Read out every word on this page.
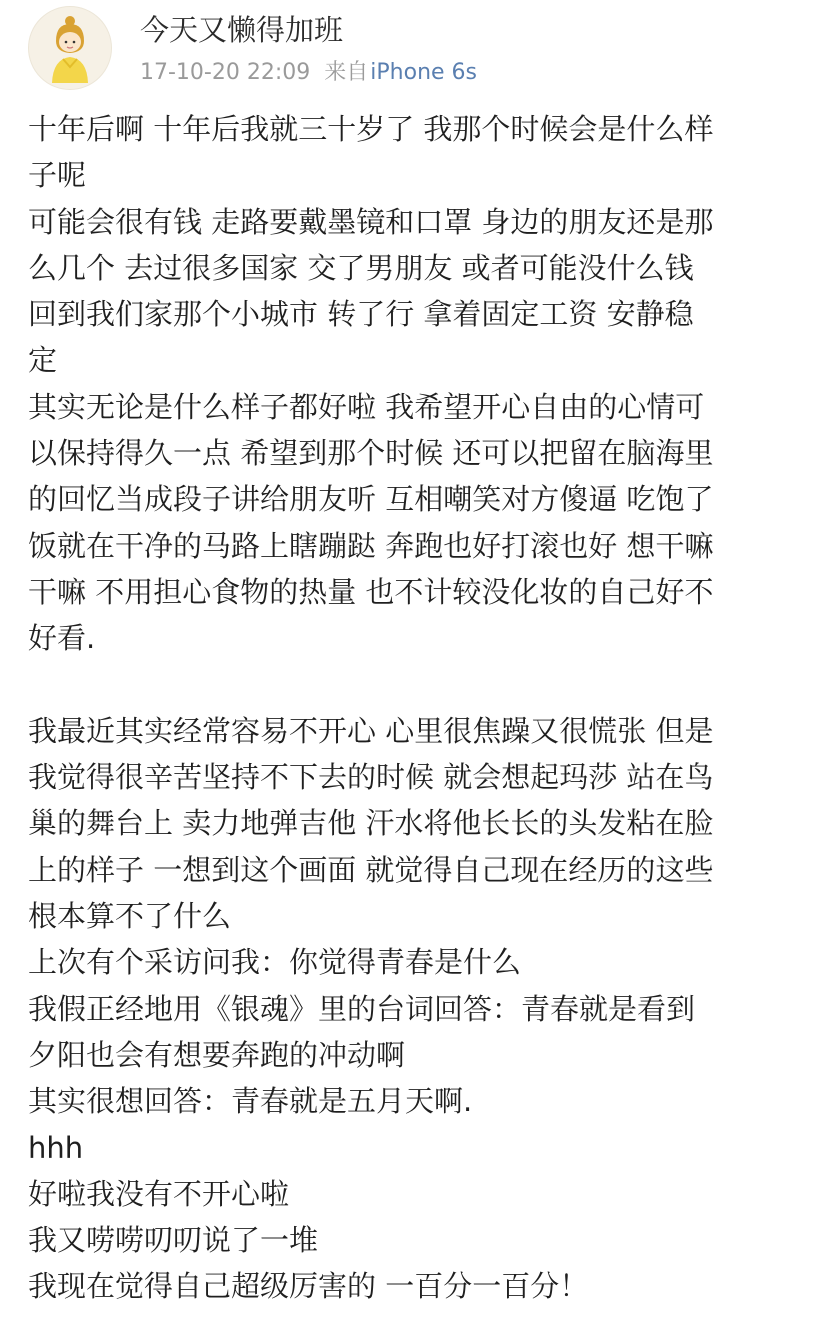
今天又懒得加班
17-10-20 22:09 来自iPhone 6s
十年后啊 十年后我就三十岁了 我那个时候会是什么样
子呢
可能会很有钱 走路要戴墨镜和口罩 身边的朋友还是那
么几个 去过很多国家 交了男朋友 或者可能没什么钱
回到我们家那个小城市 转了行 拿着固定工资 安静稳
定
其实无论是什么样子都好啦 我希望开心自由的心情可
以保持得久一点 希望到那个时候 还可以把留在脑海里
的回忆当成段子讲给朋友听 互相嘲笑对方傻逼 吃饱了
饭就在干净的马路上瞎蹦跶 奔跑也好打滚也好 想干嘛
干嘛 不用担心食物的热量 也不计较没化妆的自己好不
好看.
我最近其实经常容易不开心 心里很焦躁又很慌张 但是
我觉得很辛苦坚持不下去的时候 就会想起玛莎 站在鸟
巢的舞台上 卖力地弹吉他 汗水将他长长的头发粘在脸
上的样子 一想到这个画面 就觉得自己现在经历的这些
根本算不了什么
上次有个采访问我：你觉得青春是什么
我假正经地用《银魂》里的台词回答：青春就是看到
夕阳也会有想要奔跑的冲动啊
其实很想回答：青春就是五月天啊.
hhh
好啦我没有不开心啦
我又唠唠叨叨说了一堆
我现在觉得自己超级厉害的 一百分一百分！
